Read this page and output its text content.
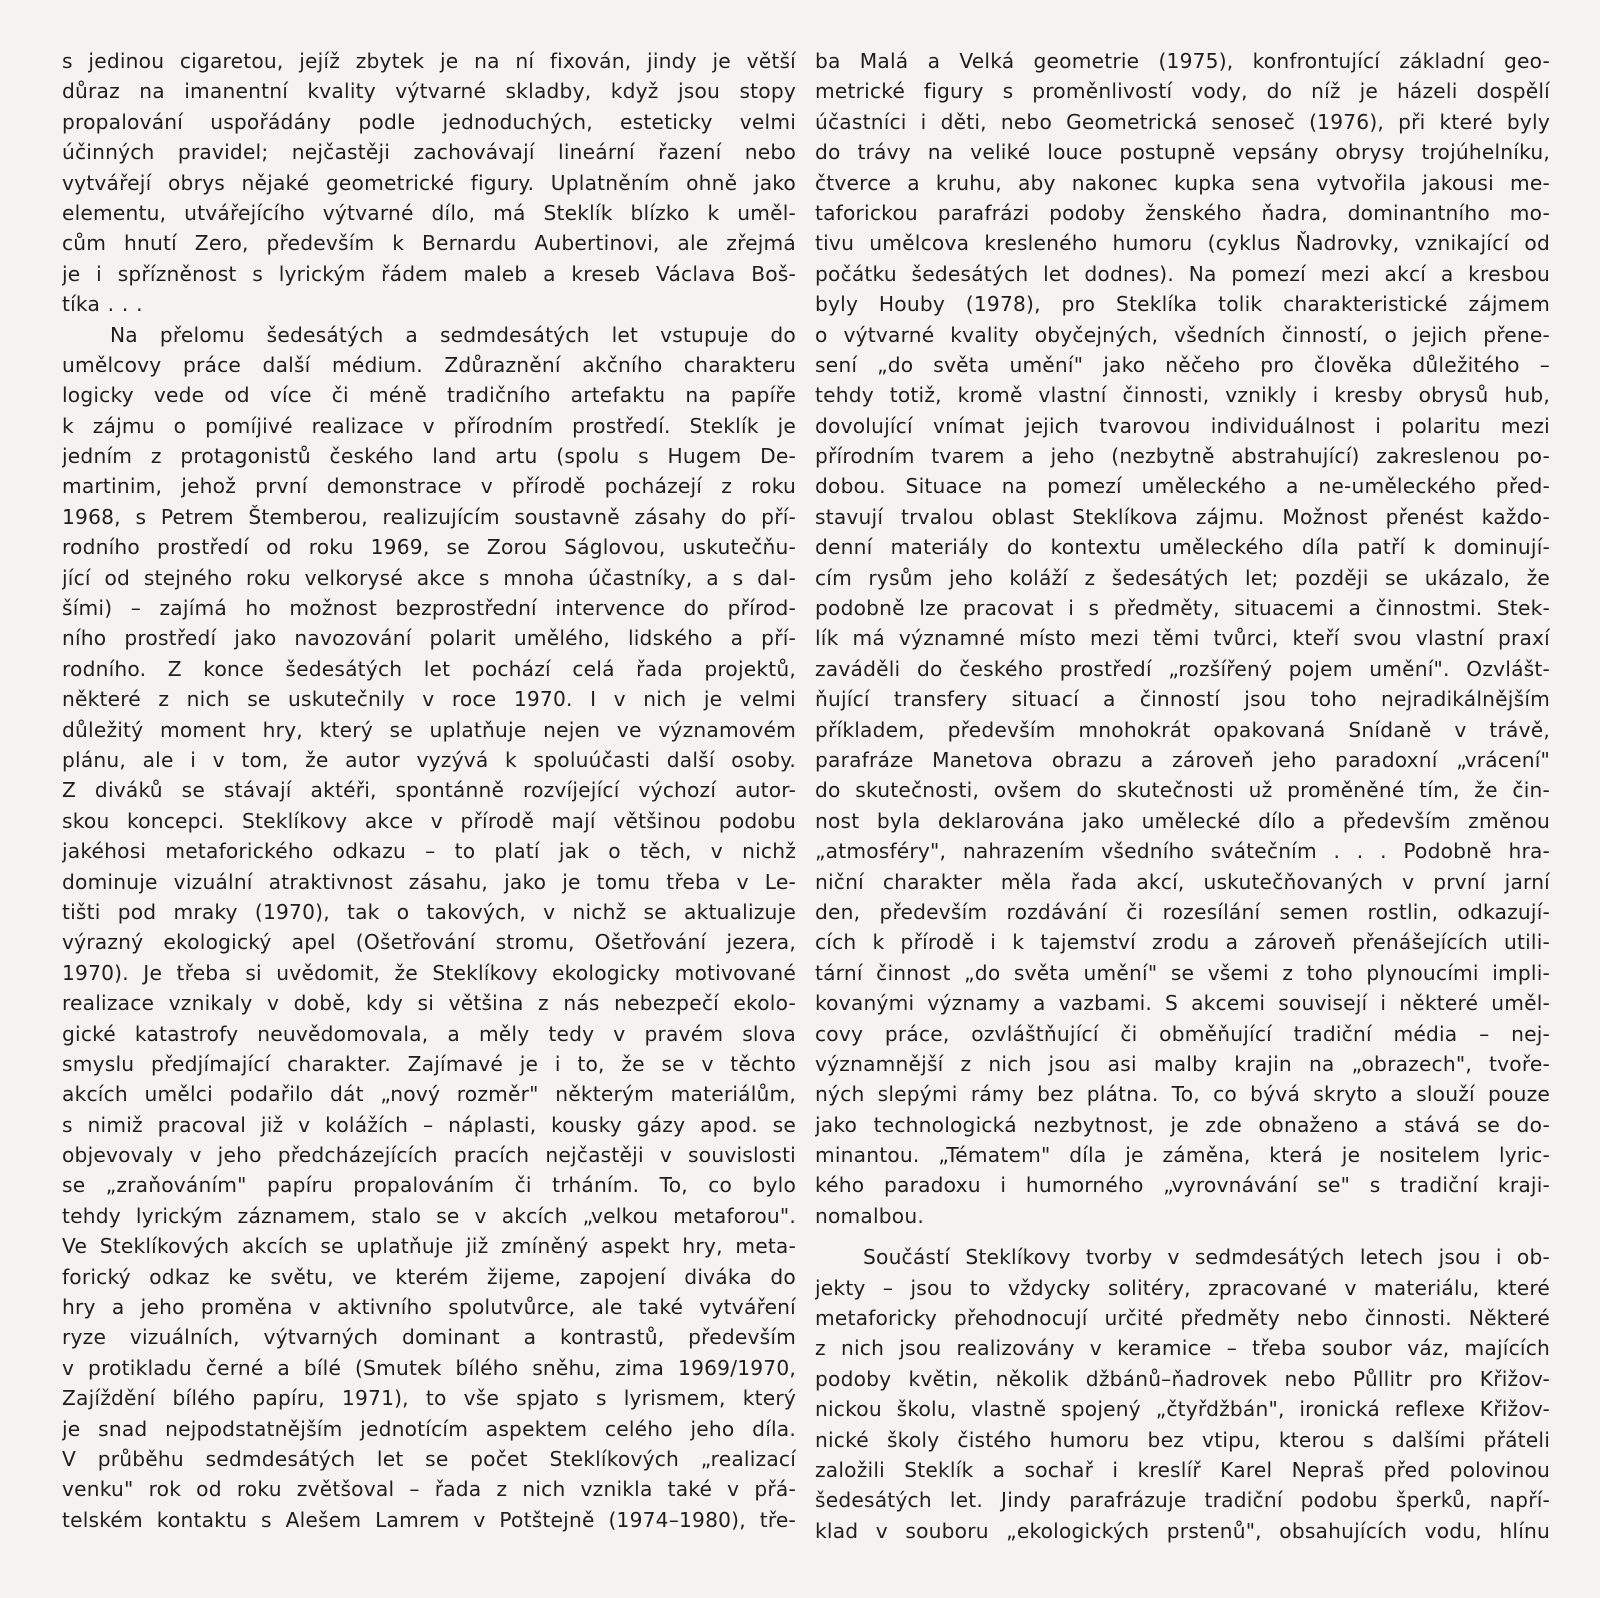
s jedinou cigaretou, jejíž zbytek je na ní fixován, jindy je větší
důraz na imanentní kvality výtvarné skladby, když jsou stopy
propalování uspořádány podle jednoduchých, esteticky velmi
účinných pravidel; nejčastěji zachovávají lineární řazení nebo
vytvářejí obrys nějaké geometrické figury. Uplatněním ohně jako
elementu, utvářejícího výtvarné dílo, má Steklík blízko k uměl-
cům hnutí Zero, především k Bernardu Aubertinovi, ale zřejmá
je i spřízněnost s lyrickým řádem maleb a kreseb Václava Boš-
tíka . . .
Na přelomu šedesátých a sedmdesátých let vstupuje do
umělcovy práce další médium. Zdůraznění akčního charakteru
logicky vede od více či méně tradičního artefaktu na papíře
k zájmu o pomíjivé realizace v přírodním prostředí. Steklík je
jedním z protagonistů českého land artu (spolu s Hugem De-
martinim, jehož první demonstrace v přírodě pocházejí z roku
1968, s Petrem Štemberou, realizujícím soustavně zásahy do pří-
rodního prostředí od roku 1969, se Zorou Ságlovou, uskutečňu-
jící od stejného roku velkorysé akce s mnoha účastníky, a s dal-
šími) – zajímá ho možnost bezprostřední intervence do přírod-
ního prostředí jako navozování polarit umělého, lidského a pří-
rodního. Z konce šedesátých let pochází celá řada projektů,
některé z nich se uskutečnily v roce 1970. I v nich je velmi
důležitý moment hry, který se uplatňuje nejen ve významovém
plánu, ale i v tom, že autor vyzývá k spoluúčasti další osoby.
Z diváků se stávají aktéři, spontánně rozvíjející výchozí autor-
skou koncepci. Steklíkovy akce v přírodě mají většinou podobu
jakéhosi metaforického odkazu – to platí jak o těch, v nichž
dominuje vizuální atraktivnost zásahu, jako je tomu třeba v Le-
tišti pod mraky (1970), tak o takových, v nichž se aktualizuje
výrazný ekologický apel (Ošetřování stromu, Ošetřování jezera,
1970). Je třeba si uvědomit, že Steklíkovy ekologicky motivované
realizace vznikaly v době, kdy si většina z nás nebezpečí ekolo-
gické katastrofy neuvědomovala, a měly tedy v pravém slova
smyslu předjímající charakter. Zajímavé je i to, že se v těchto
akcích umělci podařilo dát „nový rozměr" některým materiálům,
s nimiž pracoval již v kolážích – náplasti, kousky gázy apod. se
objevovaly v jeho předcházejících pracích nejčastěji v souvislosti
se „zraňováním" papíru propalováním či trháním. To, co bylo
tehdy lyrickým záznamem, stalo se v akcích „velkou metaforou".
Ve Steklíkových akcích se uplatňuje již zmíněný aspekt hry, meta-
forický odkaz ke světu, ve kterém žijeme, zapojení diváka do
hry a jeho proměna v aktivního spolutvůrce, ale také vytváření
ryze vizuálních, výtvarných dominant a kontrastů, především
v protikladu černé a bílé (Smutek bílého sněhu, zima 1969/1970,
Zajíždění bílého papíru, 1971), to vše spjato s lyrismem, který
je snad nejpodstatnějším jednotícím aspektem celého jeho díla.
V průběhu sedmdesátých let se počet Steklíkových „realizací
venku" rok od roku zvětšoval – řada z nich vznikla také v přá-
telském kontaktu s Alešem Lamrem v Potštejně (1974–1980), tře-
ba Malá a Velká geometrie (1975), konfrontující základní geo-
metrické figury s proměnlivostí vody, do níž je házeli dospělí
účastníci i děti, nebo Geometrická senoseč (1976), při které byly
do trávy na veliké louce postupně vepsány obrysy trojúhelníku,
čtverce a kruhu, aby nakonec kupka sena vytvořila jakousi me-
taforickou parafrázi podoby ženského ňadra, dominantního mo-
tivu umělcova kresleného humoru (cyklus Ňadrovky, vznikající od
počátku šedesátých let dodnes). Na pomezí mezi akcí a kresbou
byly Houby (1978), pro Steklíka tolik charakteristické zájmem
o výtvarné kvality obyčejných, všedních činností, o jejich přene-
sení „do světa umění" jako něčeho pro člověka důležitého –
tehdy totiž, kromě vlastní činnosti, vznikly i kresby obrysů hub,
dovolující vnímat jejich tvarovou individuálnost i polaritu mezi
přírodním tvarem a jeho (nezbytně abstrahující) zakreslenou po-
dobou. Situace na pomezí uměleckého a ne-uměleckého před-
stavují trvalou oblast Steklíkova zájmu. Možnost přenést každo-
denní materiály do kontextu uměleckého díla patří k dominují-
cím rysům jeho koláží z šedesátých let; později se ukázalo, že
podobně lze pracovat i s předměty, situacemi a činnostmi. Stek-
lík má významné místo mezi těmi tvůrci, kteří svou vlastní praxí
zaváděli do českého prostředí „rozšířený pojem umění". Ozvlášt-
ňující transfery situací a činností jsou toho nejradikálnějším
příkladem, především mnohokrát opakovaná Snídaně v trávě,
parafráze Manetova obrazu a zároveň jeho paradoxní „vrácení"
do skutečnosti, ovšem do skutečnosti už proměněné tím, že čin-
nost byla deklarována jako umělecké dílo a především změnou
„atmosféry", nahrazením všedního svátečním . . . Podobně hra-
niční charakter měla řada akcí, uskutečňovaných v první jarní
den, především rozdávání či rozesílání semen rostlin, odkazují-
cích k přírodě i k tajemství zrodu a zároveň přenášejících utili-
tární činnost „do světa umění" se všemi z toho plynoucími impli-
kovanými významy a vazbami. S akcemi souvisejí i některé uměl-
covy práce, ozvláštňující či obměňující tradiční média – nej-
významnější z nich jsou asi malby krajin na „obrazech", tvoře-
ných slepými rámy bez plátna. To, co bývá skryto a slouží pouze
jako technologická nezbytnost, je zde obnaženo a stává se do-
minantou. „Tématem" díla je záměna, která je nositelem lyric-
kého paradoxu i humorného „vyrovnávání se" s tradiční kraji-
nomalbou.
Součástí Steklíkovy tvorby v sedmdesátých letech jsou i ob-
jekty – jsou to vždycky solitéry, zpracované v materiálu, které
metaforicky přehodnocují určité předměty nebo činnosti. Některé
z nich jsou realizovány v keramice – třeba soubor váz, majících
podoby květin, několik džbánů–ňadrovek nebo Půllitr pro Křižov-
nickou školu, vlastně spojený „čtyřdžbán", ironická reflexe Křižov-
nické školy čistého humoru bez vtipu, kterou s dalšími přáteli
založili Steklík a sochař i kreslíř Karel Nepraš před polovinou
šedesátých let. Jindy parafrázuje tradiční podobu šperků, napří-
klad v souboru „ekologických prstenů", obsahujících vodu, hlínu
